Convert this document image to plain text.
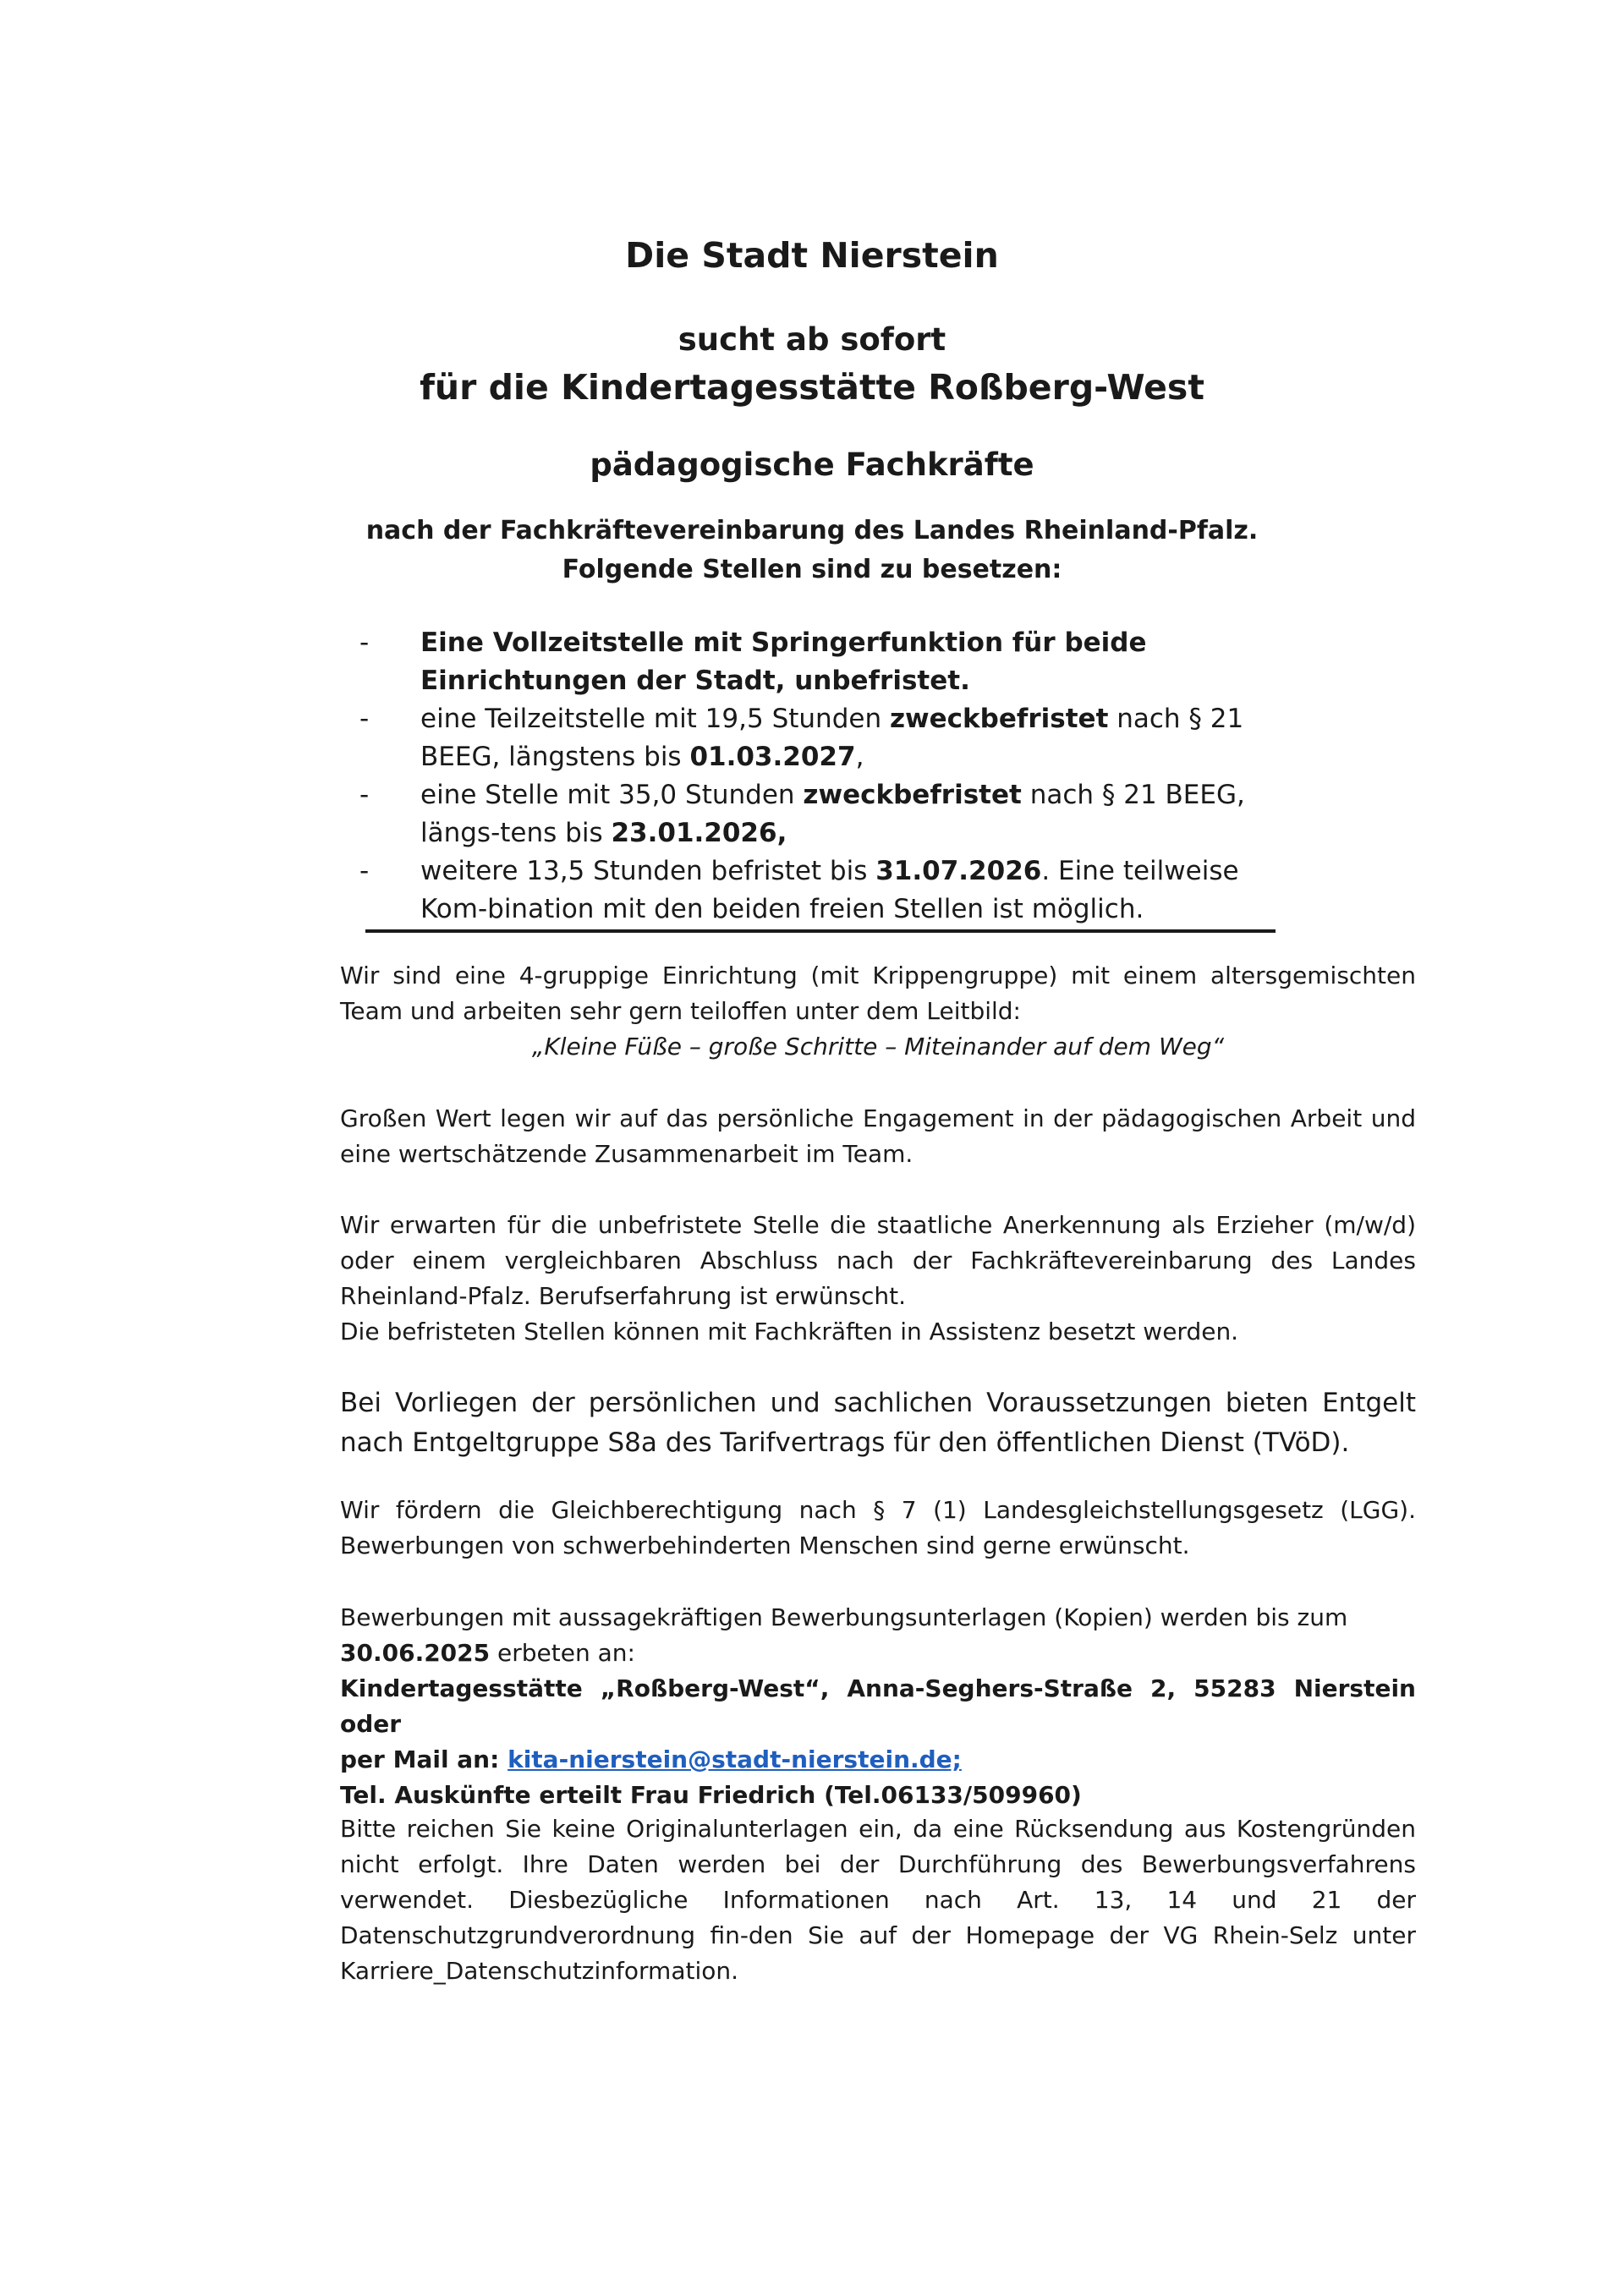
Die Stadt Nierstein
sucht ab sofort
für die Kindertagesstätte Roßberg-West
pädagogische Fachkräfte
nach der Fachkräftevereinbarung des Landes Rheinland-Pfalz.
Folgende Stellen sind zu besetzen:
- Eine Vollzeitstelle mit Springerfunktion für beide Einrichtungen der Stadt, unbefristet.
- eine Teilzeitstelle mit 19,5 Stunden zweckbefristet nach § 21 BEEG, längstens bis 01.03.2027,
- eine Stelle mit 35,0 Stunden zweckbefristet nach § 21 BEEG, längs-tens bis 23.01.2026,
- weitere 13,5 Stunden befristet bis 31.07.2026. Eine teilweise Kom-bination mit den beiden freien Stellen ist möglich.

Wir sind eine 4-gruppige Einrichtung (mit Krippengruppe) mit einem altersgemischten Team und arbeiten sehr gern teiloffen unter dem Leitbild:

„Kleine Füße – große Schritte – Miteinander auf dem Weg“

Großen Wert legen wir auf das persönliche Engagement in der pädagogischen Arbeit und eine wertschätzende Zusammenarbeit im Team.

Wir erwarten für die unbefristete Stelle die staatliche Anerkennung als Erzieher (m/w/d) oder einem vergleichbaren Abschluss nach der Fachkräftevereinbarung des Landes Rheinland-Pfalz. Berufserfahrung ist erwünscht.

Die befristeten Stellen können mit Fachkräften in Assistenz besetzt werden.

Bei Vorliegen der persönlichen und sachlichen Voraussetzungen bieten Entgelt nach Entgeltgruppe S8a des Tarifvertrags für den öffentlichen Dienst (TVöD).

Wir fördern die Gleichberechtigung nach § 7 (1) Landesgleichstellungsgesetz (LGG). Bewerbungen von schwerbehinderten Menschen sind gerne erwünscht.

Bewerbungen mit aussagekräftigen Bewerbungsunterlagen (Kopien) werden bis zum

30.06.2025 erbeten an:

Kindertagesstätte „Roßberg-West“, Anna-Seghers-Straße 2, 55283 Nierstein oder

per Mail an: kita-nierstein@stadt-nierstein.de;

Tel. Auskünfte erteilt Frau Friedrich (Tel.06133/509960)

Bitte reichen Sie keine Originalunterlagen ein, da eine Rücksendung aus Kostengründen nicht erfolgt. Ihre Daten werden bei der Durchführung des Bewerbungsverfahrens verwendet. Diesbezügliche Informationen nach Art. 13, 14 und 21 der Datenschutzgrundverordnung fin-den Sie auf der Homepage der VG Rhein-Selz unter Karriere_Datenschutzinformation.
